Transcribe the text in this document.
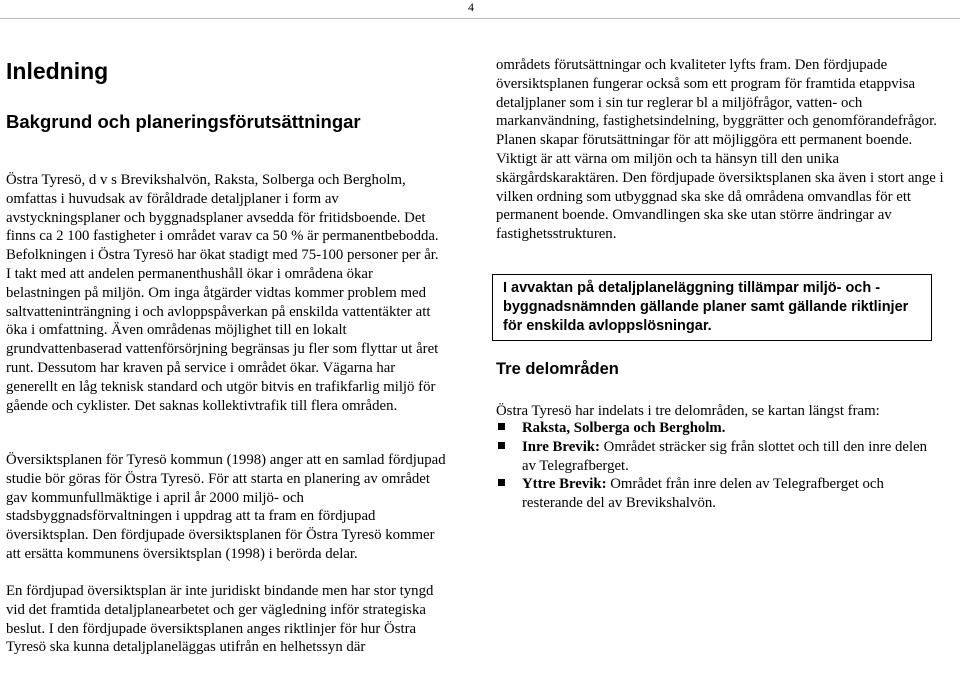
4
Inledning
Bakgrund och planeringsförutsättningar

Östra Tyresö, d v s Brevikshalvön, Raksta, Solberga och Bergholm, omfattas i huvudsak av föråldrade detaljplaner i form av avstyckningsplaner och byggnadsplaner avsedda för fritidsboende. Det finns ca 2 100 fastigheter i området varav ca 50 % är permanentbebodda. Befolkningen i Östra Tyresö har ökat stadigt med 75-100 personer per år. I takt med att andelen permanenthushåll ökar i områdena ökar belastningen på miljön. Om inga åtgärder vidtas kommer problem med saltvatteninträngning i och avloppspåverkan på enskilda vattentäkter att öka i omfattning. Även områdenas möjlighet till en lokalt grundvattenbaserad vattenförsörjning begränsas ju fler som flyttar ut året runt. Dessutom har kraven på service i området ökar. Vägarna har generellt en låg teknisk standard och utgör bitvis en trafikfarlig miljö för gående och cyklister. Det saknas kollektivtrafik till flera områden.

Översiktsplanen för Tyresö kommun (1998) anger att en samlad fördjupad studie bör göras för Östra Tyresö. För att starta en planering av området gav kommunfullmäktige i april år 2000 miljö- och stadsbyggnadsförvaltningen i uppdrag att ta fram en fördjupad översiktsplan. Den fördjupade översiktsplanen för Östra Tyresö kommer att ersätta kommunens översiktsplan (1998) i berörda delar.

En fördjupad översiktsplan är inte juridiskt bindande men har stor tyngd vid det framtida detaljplanearbetet och ger vägledning inför strategiska beslut. I den fördjupade översiktsplanen anges riktlinjer för hur Östra Tyresö ska kunna detaljplaneläggas utifrån en helhetssyn där

områdets förutsättningar och kvaliteter lyfts fram. Den fördjupade översiktsplanen fungerar också som ett program för framtida etappvisa detaljplaner som i sin tur reglerar bl a miljöfrågor, vatten- och markanvändning, fastighetsindelning, byggrätter och genomförandefrågor. Planen skapar förutsättningar för att möjliggöra ett permanent boende. Viktigt är att värna om miljön och ta hänsyn till den unika skärgårdskaraktären. Den fördjupade översiktsplanen ska även i stort ange i vilken ordning som utbyggnad ska ske då områdena omvandlas för ett permanent boende. Omvandlingen ska ske utan större ändringar av fastighetsstrukturen.

I avvaktan på detaljplaneläggning tillämpar miljö- och -byggnadsnämnden gällande planer samt gällande riktlinjer för enskilda avloppslösningar.
Tre delområden

Östra Tyresö har indelats i tre delområden, se kartan längst fram:

Raksta, Solberga och Bergholm.
Inre Brevik: Området sträcker sig från slottet och till den inre delen av Telegrafberget.
Yttre Brevik: Området från inre delen av Telegrafberget och resterande del av Brevikshalvön.
